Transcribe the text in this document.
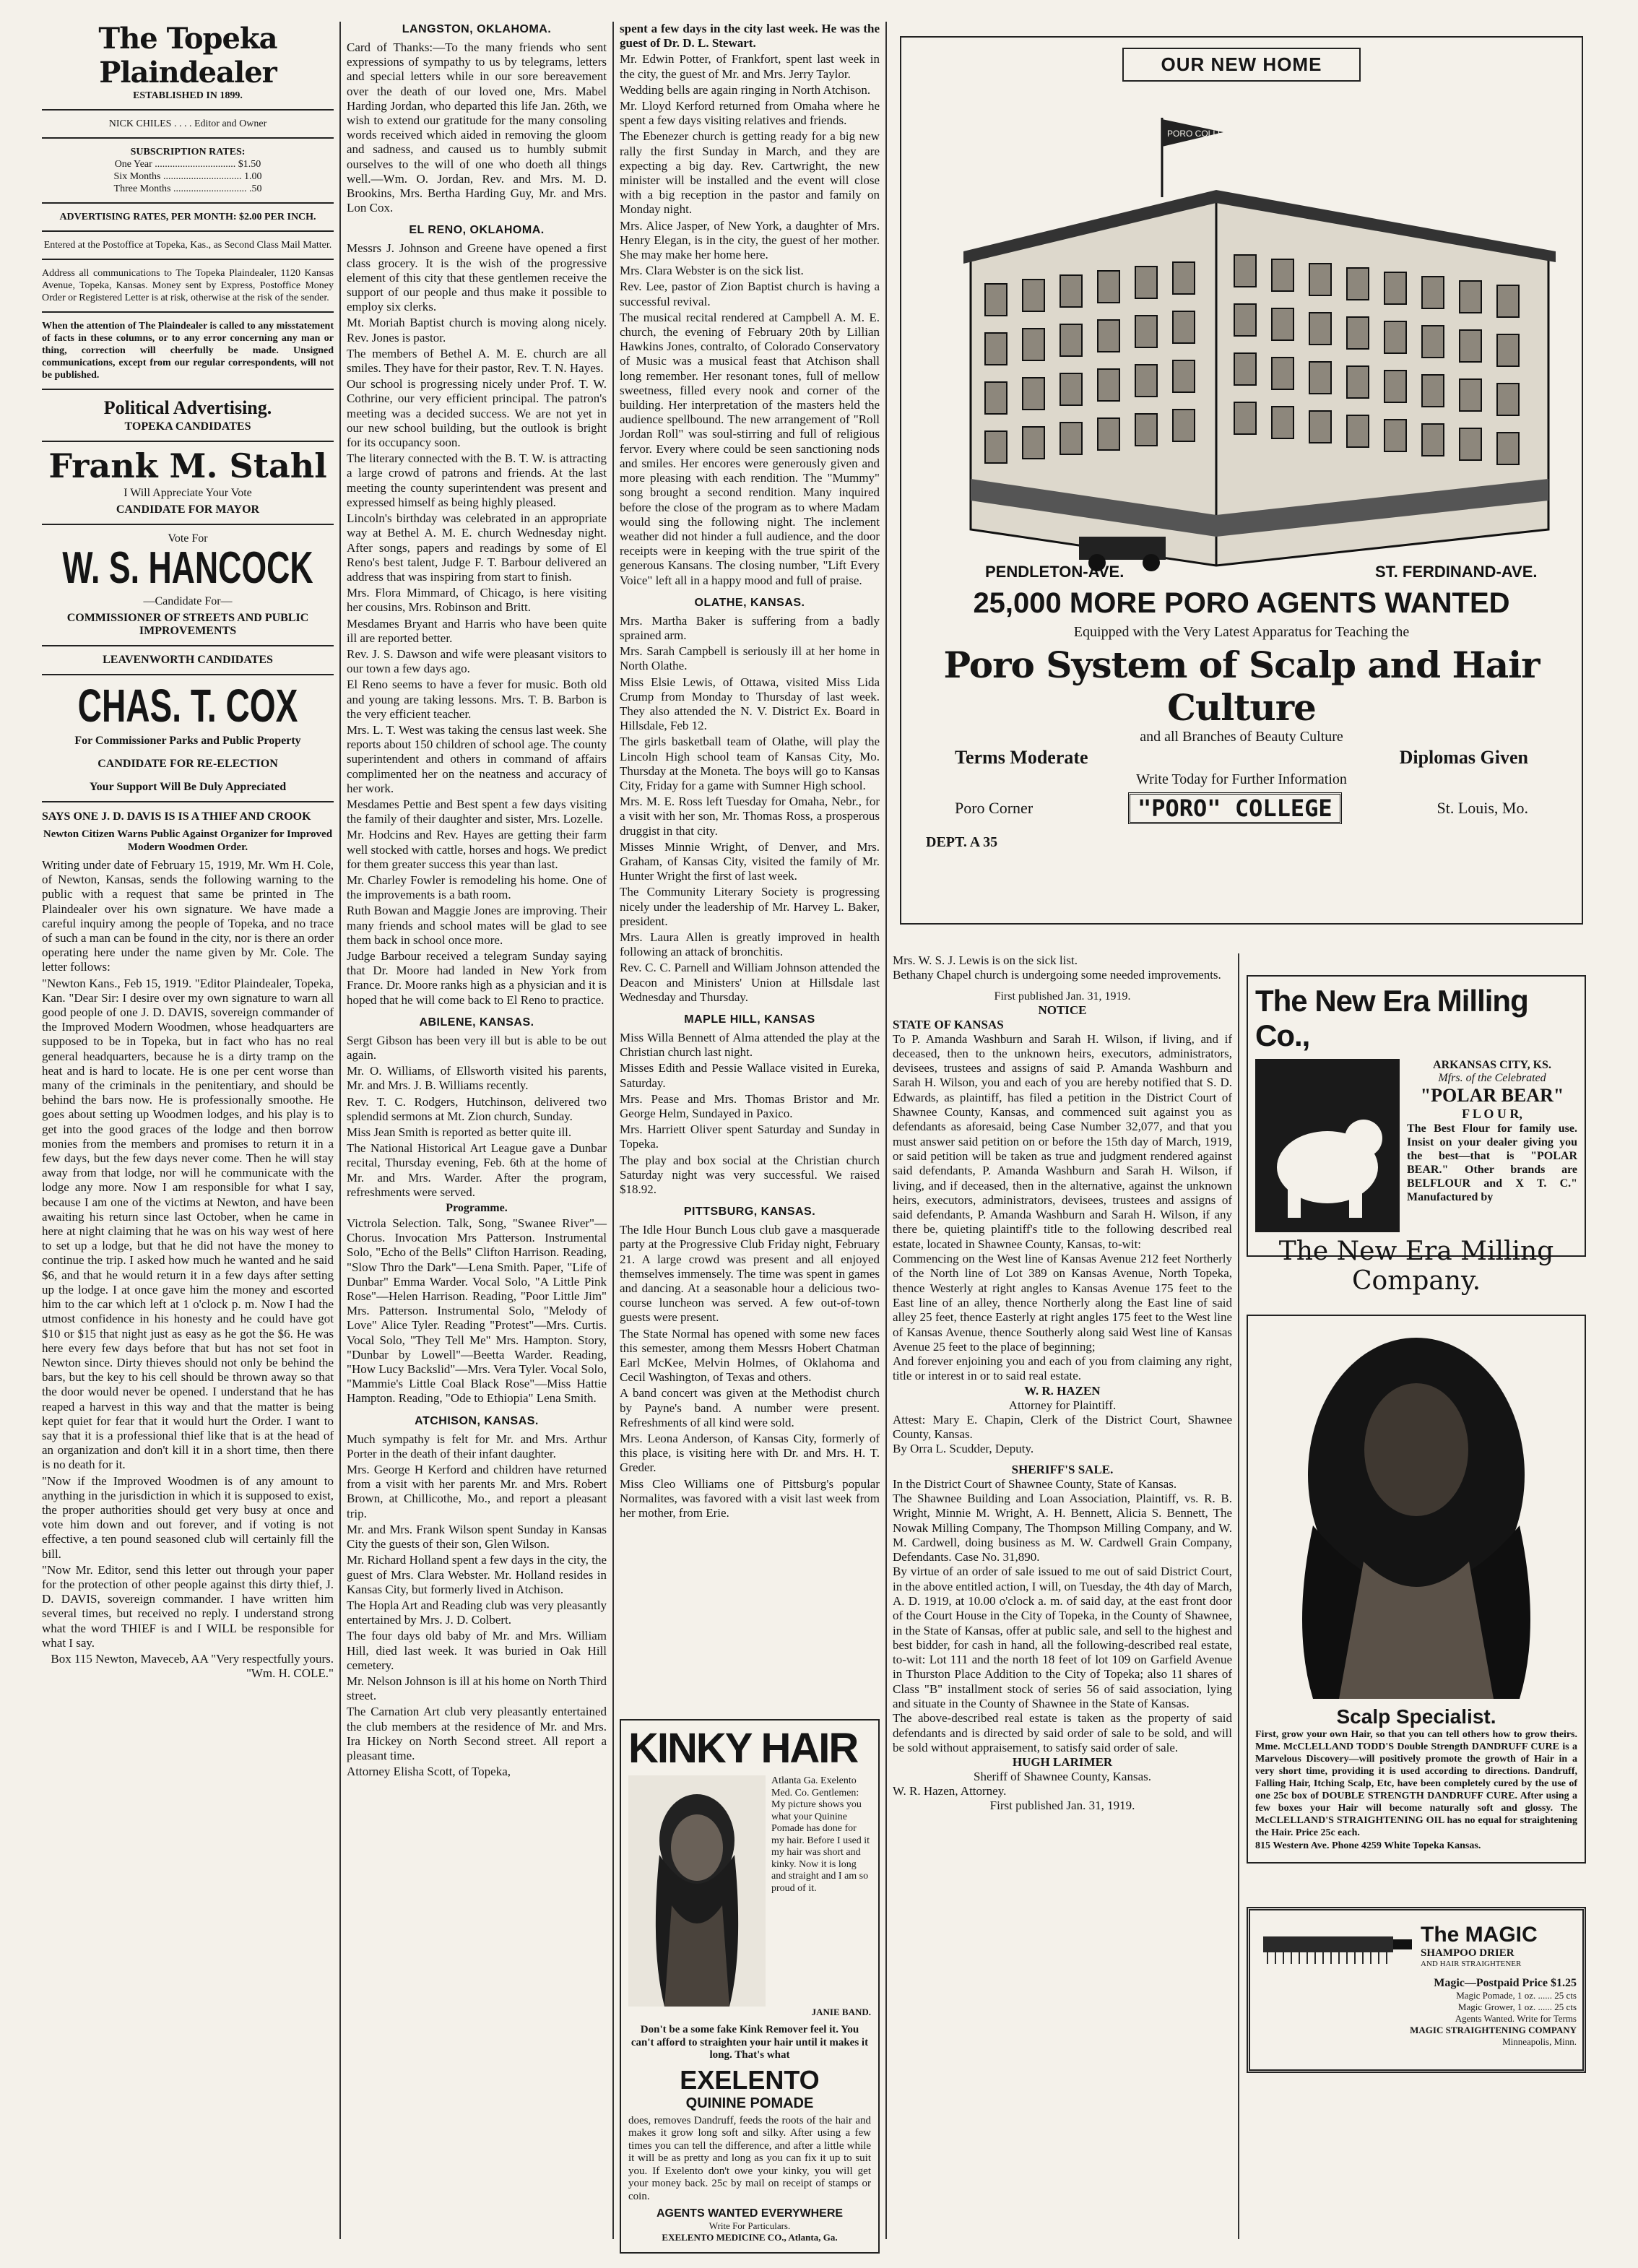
The Topeka Plaindealer
ESTABLISHED IN 1899.
NICK CHILES . . . . Editor and Owner
SUBSCRIPTION RATES:
One Year ................................ $1.50
Six Months ............................... 1.00
Three Months ............................. .50
ADVERTISING RATES, PER MONTH: $2.00 PER INCH.
Entered at the Postoffice at Topeka, Kas., as Second Class Mail Matter.
Address all communications to The Topeka Plaindealer, 1120 Kansas Avenue, Topeka, Kansas. Money sent by Express, Postoffice Money Order or Registered Letter is at risk, otherwise at the risk of the sender.
When the attention of The Plaindealer is called to any misstatement of facts in these columns, or to any error concerning any man or thing, correction will cheerfully be made. Unsigned communications, except from our regular correspondents, will not be published.
Political Advertising.
TOPEKA CANDIDATES
Frank M. Stahl
I Will Appreciate Your Vote
CANDIDATE FOR MAYOR
Vote For
W. S. HANCOCK
—Candidate For—
COMMISSIONER OF STREETS AND PUBLIC IMPROVEMENTS
LEAVENWORTH CANDIDATES
CHAS. T. COX
For Commissioner Parks and Public Property
CANDIDATE FOR RE-ELECTION
Your Support Will Be Duly Appreciated
SAYS ONE J. D. DAVIS IS IS A THIEF AND CROOK
Newton Citizen Warns Public Against Organizer for Improved Modern Woodmen Order.

Writing under date of February 15, 1919, Mr. Wm H. Cole, of Newton, Kansas, sends the following warning to the public with a request that same be printed in The Plaindealer over his own signature. We have made a careful inquiry among the people of Topeka, and no trace of such a man can be found in the city, nor is there an order operating here under the name given by Mr. Cole. The letter follows:

"Newton Kans., Feb 15, 1919. "Editor Plaindealer, Topeka, Kan. "Dear Sir: I desire over my own signature to warn all good people of one J. D. DAVIS, sovereign commander of the Improved Modern Woodmen, whose headquarters are supposed to be in Topeka, but in fact who has no real general headquarters, because he is a dirty tramp on the heat and is hard to locate. He is one per cent worse than many of the criminals in the penitentiary, and should be behind the bars now. He is professionally smoothe. He goes about setting up Woodmen lodges, and his play is to get into the good graces of the lodge and then borrow monies from the members and promises to return it in a few days, but the few days never come. Then he will stay away from that lodge, nor will he communicate with the lodge any more. Now I am responsible for what I say, because I am one of the victims at Newton, and have been awaiting his return since last October, when he came in here at night claiming that he was on his way west of here to set up a lodge, but that he did not have the money to continue the trip. I asked how much he wanted and he said $6, and that he would return it in a few days after setting up the lodge. I at once gave him the money and escorted him to the car which left at 1 o'clock p. m. Now I had the utmost confidence in his honesty and he could have got $10 or $15 that night just as easy as he got the $6. He was here every few days before that but has not set foot in Newton since. Dirty thieves should not only be behind the bars, but the key to his cell should be thrown away so that the door would never be opened. I understand that he has reaped a harvest in this way and that the matter is being kept quiet for fear that it would hurt the Order. I want to say that it is a professional thief like that is at the head of an organization and don't kill it in a short time, then there is no death for it.

"Now if the Improved Woodmen is of any amount to anything in the jurisdiction in which it is supposed to exist, the proper authorities should get very busy at once and vote him down and out forever, and if voting is not effective, a ten pound seasoned club will certainly fill the bill.

"Now Mr. Editor, send this letter out through your paper for the protection of other people against this dirty thief, J. D. DAVIS, sovereign commander. I have written him several times, but received no reply. I understand strong what the word THIEF is and I WILL be responsible for what I say.

Box 115 Newton, Maveceb, AA "Very respectfully yours. "Wm. H. COLE."

LANGSTON, OKLAHOMA.

Card of Thanks:—To the many friends who sent expressions of sympathy to us by telegrams, letters and special letters while in our sore bereavement over the death of our loved one, Mrs. Mabel Harding Jordan, who departed this life Jan. 26th, we wish to extend our gratitude for the many consoling words received which aided in removing the gloom and sadness, and caused us to humbly submit ourselves to the will of one who doeth all things well.—Wm. O. Jordan, Rev. and Mrs. M. D. Brookins, Mrs. Bertha Harding Guy, Mr. and Mrs. Lon Cox.

EL RENO, OKLAHOMA.

Messrs J. Johnson and Greene have opened a first class grocery. It is the wish of the progressive element of this city that these gentlemen receive the support of our people and thus make it possible to employ six clerks.

Mt. Moriah Baptist church is moving along nicely. Rev. Jones is pastor.

The members of Bethel A. M. E. church are all smiles. They have for their pastor, Rev. T. N. Hayes.

Our school is progressing nicely under Prof. T. W. Cothrine, our very efficient principal. The patron's meeting was a decided success. We are not yet in our new school building, but the outlook is bright for its occupancy soon.

The literary connected with the B. T. W. is attracting a large crowd of patrons and friends. At the last meeting the county superintendent was present and expressed himself as being highly pleased.

Lincoln's birthday was celebrated in an appropriate way at Bethel A. M. E. church Wednesday night. After songs, papers and readings by some of El Reno's best talent, Judge F. T. Barbour delivered an address that was inspiring from start to finish.

Mrs. Flora Mimmard, of Chicago, is here visiting her cousins, Mrs. Robinson and Britt.

Mesdames Bryant and Harris who have been quite ill are reported better.

Rev. J. S. Dawson and wife were pleasant visitors to our town a few days ago.

El Reno seems to have a fever for music. Both old and young are taking lessons. Mrs. T. B. Barbon is the very efficient teacher.

Mrs. L. T. West was taking the census last week. She reports about 150 children of school age. The county superintendent and others in command of affairs complimented her on the neatness and accuracy of her work.

Mesdames Pettie and Best spent a few days visiting the family of their daughter and sister, Mrs. Lozelle.

Mr. Hodcins and Rev. Hayes are getting their farm well stocked with cattle, horses and hogs. We predict for them greater success this year than last.

Mr. Charley Fowler is remodeling his home. One of the improvements is a bath room.

Ruth Bowan and Maggie Jones are improving. Their many friends and school mates will be glad to see them back in school once more.

Judge Barbour received a telegram Sunday saying that Dr. Moore had landed in New York from France. Dr. Moore ranks high as a physician and it is hoped that he will come back to El Reno to practice.

ABILENE, KANSAS.

Sergt Gibson has been very ill but is able to be out again.

Mr. O. Williams, of Ellsworth visited his parents, Mr. and Mrs. J. B. Williams recently.

Rev. T. C. Rodgers, Hutchinson, delivered two splendid sermons at Mt. Zion church, Sunday.

Miss Jean Smith is reported as better quite ill.

The National Historical Art League gave a Dunbar recital, Thursday evening, Feb. 6th at the home of Mr. and Mrs. Warder. After the program, refreshments were served.

Programme.

Victrola Selection. Talk, Song, "Swanee River"—Chorus. Invocation Mrs Patterson. Instrumental Solo, "Echo of the Bells" Clifton Harrison. Reading, "Slow Thro the Dark"—Lena Smith. Paper, "Life of Dunbar" Emma Warder. Vocal Solo, "A Little Pink Rose"—Helen Harrison. Reading, "Poor Little Jim" Mrs. Patterson. Instrumental Solo, "Melody of Love" Alice Tyler. Reading "Protest"—Mrs. Curtis. Vocal Solo, "They Tell Me" Mrs. Hampton. Story, "Dunbar by Lowell"—Beetta Warder. Reading, "How Lucy Backslid"—Mrs. Vera Tyler. Vocal Solo, "Mammie's Little Coal Black Rose"—Miss Hattie Hampton. Reading, "Ode to Ethiopia" Lena Smith.

ATCHISON, KANSAS.

Much sympathy is felt for Mr. and Mrs. Arthur Porter in the death of their infant daughter.

Mrs. George H Kerford and children have returned from a visit with her parents Mr. and Mrs. Robert Brown, at Chillicothe, Mo., and report a pleasant trip.

Mr. and Mrs. Frank Wilson spent Sunday in Kansas City the guests of their son, Glen Wilson.

Mr. Richard Holland spent a few days in the city, the guest of Mrs. Clara Webster. Mr. Holland resides in Kansas City, but formerly lived in Atchison.

The Hopla Art and Reading club was very pleasantly entertained by Mrs. J. D. Colbert.

The four days old baby of Mr. and Mrs. William Hill, died last week. It was buried in Oak Hill cemetery.

Mr. Nelson Johnson is ill at his home on North Third street.

The Carnation Art club very pleasantly entertained the club members at the residence of Mr. and Mrs. Ira Hickey on North Second street. All report a pleasant time.

Attorney Elisha Scott, of Topeka,

spent a few days in the city last week. He was the guest of Dr. D. L. Stewart.

Mr. Edwin Potter, of Frankfort, spent last week in the city, the guest of Mr. and Mrs. Jerry Taylor.

Wedding bells are again ringing in North Atchison.

Mr. Lloyd Kerford returned from Omaha where he spent a few days visiting relatives and friends.

The Ebenezer church is getting ready for a big new rally the first Sunday in March, and they are expecting a big day. Rev. Cartwright, the new minister will be installed and the event will close with a big reception in the pastor and family on Monday night.

Mrs. Alice Jasper, of New York, a daughter of Mrs. Henry Elegan, is in the city, the guest of her mother. She may make her home here.

Mrs. Clara Webster is on the sick list.

Rev. Lee, pastor of Zion Baptist church is having a successful revival.

The musical recital rendered at Campbell A. M. E. church, the evening of February 20th by Lillian Hawkins Jones, contralto, of Colorado Conservatory of Music was a musical feast that Atchison shall long remember. Her resonant tones, full of mellow sweetness, filled every nook and corner of the building. Her interpretation of the masters held the audience spellbound. The new arrangement of "Roll Jordan Roll" was soul-stirring and full of religious fervor. Every where could be seen sanctioning nods and smiles. Her encores were generously given and more pleasing with each rendition. The "Mummy" song brought a second rendition. Many inquired before the close of the program as to where Madam would sing the following night. The inclement weather did not hinder a full audience, and the door receipts were in keeping with the true spirit of the generous Kansans. The closing number, "Lift Every Voice" left all in a happy mood and full of praise.

OLATHE, KANSAS.

Mrs. Martha Baker is suffering from a badly sprained arm.

Mrs. Sarah Campbell is seriously ill at her home in North Olathe.

Miss Elsie Lewis, of Ottawa, visited Miss Lida Crump from Monday to Thursday of last week. They also attended the N. V. District Ex. Board in Hillsdale, Feb 12.

The girls basketball team of Olathe, will play the Lincoln High school team of Kansas City, Mo. Thursday at the Moneta. The boys will go to Kansas City, Friday for a game with Sumner High school.

Mrs. M. E. Ross left Tuesday for Omaha, Nebr., for a visit with her son, Mr. Thomas Ross, a prosperous druggist in that city.

Misses Minnie Wright, of Denver, and Mrs. Graham, of Kansas City, visited the family of Mr. Hunter Wright the first of last week.

The Community Literary Society is progressing nicely under the leadership of Mr. Harvey L. Baker, president.

Mrs. Laura Allen is greatly improved in health following an attack of bronchitis.

Rev. C. C. Parnell and William Johnson attended the Deacon and Ministers' Union at Hillsdale last Wednesday and Thursday.

MAPLE HILL, KANSAS

Miss Willa Bennett of Alma attended the play at the Christian church last night.

Misses Edith and Pessie Wallace visited in Eureka, Saturday.

Mrs. Pease and Mrs. Thomas Bristor and Mr. George Helm, Sundayed in Paxico.

Mrs. Harriett Oliver spent Saturday and Sunday in Topeka.

The play and box social at the Christian church Saturday night was very successful. We raised $18.92.

PITTSBURG, KANSAS.

The Idle Hour Bunch Lous club gave a masquerade party at the Progressive Club Friday night, February 21. A large crowd was present and all enjoyed themselves immensely. The time was spent in games and dancing. At a seasonable hour a delicious two-course luncheon was served. A few out-of-town guests were present.

The State Normal has opened with some new faces this semester, among them Messrs Hobert Chatman Earl McKee, Melvin Holmes, of Oklahoma and Cecil Washington, of Texas and others.

A band concert was given at the Methodist church by Payne's band. A number were present. Refreshments of all kind were sold.

Mrs. Leona Anderson, of Kansas City, formerly of this place, is visiting here with Dr. and Mrs. H. T. Greder.

Miss Cleo Williams one of Pittsburg's popular Normalites, was favored with a visit last week from her mother, from Erie.

KINKY HAIR
Atlanta Ga. Exelento Med. Co. Gentlemen: My picture shows you what your Quinine Pomade has done for my hair. Before I used it my hair was short and kinky. Now it is long and straight and I am so proud of it.
JANIE BAND.
Don't be a some fake Kink Remover feel it. You can't afford to straighten your hair until it makes it long. That's what
EXELENTO
QUININE POMADE
does, removes Dandruff, feeds the roots of the hair and makes it grow long soft and silky. After using a few times you can tell the difference, and after a little while it will be as pretty and long as you can fix it up to suit you. If Exelento don't owe your kinky, you will get your money back. 25c by mail on receipt of stamps or coin.
AGENTS WANTED EVERYWHERE
Write For Particulars.
EXELENTO MEDICINE CO., Atlanta, Ga.
OUR NEW HOME
PORO COLLEGE
PENDLETON-AVE.	ST. FERDINAND-AVE.
25,000 MORE PORO AGENTS WANTED
Equipped with the Very Latest Apparatus for Teaching the
Poro System of Scalp and Hair Culture
and all Branches of Beauty Culture
Terms Moderate	Diplomas Given
Write Today for Further Information
Poro Corner	"PORO" COLLEGE	St. Louis, Mo.
DEPT. A 35

Mrs. W. S. J. Lewis is on the sick list.

Bethany Chapel church is undergoing some needed improvements.

First published Jan. 31, 1919.
NOTICE
STATE OF KANSAS

To P. Amanda Washburn and Sarah H. Wilson, if living, and if deceased, then to the unknown heirs, executors, administrators, devisees, trustees and assigns of said P. Amanda Washburn and Sarah H. Wilson, you and each of you are hereby notified that S. D. Edwards, as plaintiff, has filed a petition in the District Court of Shawnee County, Kansas, and commenced suit against you as defendants as aforesaid, being Case Number 32,077, and that you must answer said petition on or before the 15th day of March, 1919, or said petition will be taken as true and judgment rendered against said defendants, P. Amanda Washburn and Sarah H. Wilson, if living, and if deceased, then in the alternative, against the unknown heirs, executors, administrators, devisees, trustees and assigns of said defendants, P. Amanda Washburn and Sarah H. Wilson, if any there be, quieting plaintiff's title to the following described real estate, located in Shawnee County, Kansas, to-wit:

Commencing on the West line of Kansas Avenue 212 feet Northerly of the North line of Lot 389 on Kansas Avenue, North Topeka, thence Westerly at right angles to Kansas Avenue 175 feet to the East line of an alley, thence Northerly along the East line of said alley 25 feet, thence Easterly at right angles 175 feet to the West line of Kansas Avenue, thence Southerly along said West line of Kansas Avenue 25 feet to the place of beginning;

And forever enjoining you and each of you from claiming any right, title or interest in or to said real estate.

W. R. HAZEN
Attorney for Plaintiff.

Attest: Mary E. Chapin, Clerk of the District Court, Shawnee County, Kansas.

By Orra L. Scudder, Deputy.

SHERIFF'S SALE.

In the District Court of Shawnee County, State of Kansas.

The Shawnee Building and Loan Association, Plaintiff, vs. R. B. Wright, Minnie M. Wright, A. H. Bennett, Alicia S. Bennett, The Nowak Milling Company, The Thompson Milling Company, and W. M. Cardwell, doing business as M. W. Cardwell Grain Company, Defendants. Case No. 31,890.

By virtue of an order of sale issued to me out of said District Court, in the above entitled action, I will, on Tuesday, the 4th day of March, A. D. 1919, at 10.00 o'clock a. m. of said day, at the east front door of the Court House in the City of Topeka, in the County of Shawnee, in the State of Kansas, offer at public sale, and sell to the highest and best bidder, for cash in hand, all the following-described real estate, to-wit: Lot 111 and the north 18 feet of lot 109 on Garfield Avenue in Thurston Place Addition to the City of Topeka; also 11 shares of Class "B" installment stock of series 56 of said association, lying and situate in the County of Shawnee in the State of Kansas.

The above-described real estate is taken as the property of said defendants and is directed by said order of sale to be sold, and will be sold without appraisement, to satisfy said order of sale.

HUGH LARIMER
Sheriff of Shawnee County, Kansas.
W. R. Hazen, Attorney.
First published Jan. 31, 1919.
The New Era Milling Co.,
ARKANSAS CITY, KS.
Mfrs. of the Celebrated
"POLAR BEAR"
F L O U R,
The Best Flour for family use. Insist on your dealer giving you the best—that is "POLAR BEAR." Other brands are BELFLOUR and X T. C." Manufactured by
The New Era Milling Company.
Scalp Specialist.
First, grow your own Hair, so that you can tell others how to grow theirs. Mme. McCLELLAND TODD'S Double Strength DANDRUFF CURE is a Marvelous Discovery—will positively promote the growth of Hair in a very short time, providing it is used according to directions. Dandruff, Falling Hair, Itching Scalp, Etc, have been completely cured by the use of one 25c box of DOUBLE STRENGTH DANDRUFF CURE. After using a few boxes your Hair will become naturally soft and glossy. The McCLELLAND'S STRAIGHTENING OIL has no equal for straightening the Hair. Price 25c each.
815 Western Ave. Phone 4259 White Topeka Kansas.
The MAGIC
SHAMPOO DRIER
AND HAIR STRAIGHTENER
Magic—Postpaid Price $1.25
Magic Pomade, 1 oz. ...... 25 cts
Magic Grower, 1 oz. ...... 25 cts
Agents Wanted. Write for Terms
MAGIC STRAIGHTENING COMPANY
Minneapolis, Minn.
